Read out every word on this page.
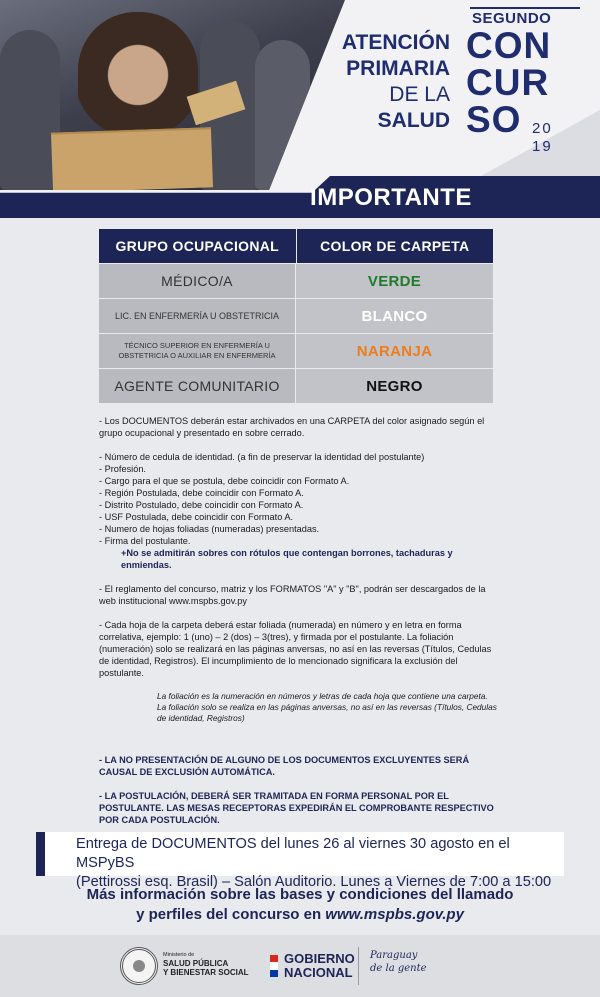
ATENCIÓN
PRIMARIA
DE LA
SALUD
SEGUNDO
CON
CUR
SO 20
19
IMPORTANTE
GRUPO OCUPACIONAL	COLOR DE CARPETA
MÉDICO/A	VERDE
LIC. EN ENFERMERÍA U OBSTETRICIA	BLANCO
TÉCNICO SUPERIOR EN ENFERMERÍA U OBSTETRICIA O AUXILIAR EN ENFERMERÍA	NARANJA
AGENTE COMUNITARIO	NEGRO

- Los DOCUMENTOS deberán estar archivados en una CARPETA del color asignado según el grupo ocupacional y presentado en sobre cerrado.

- Número de cedula de identidad. (a fin de preservar la identidad del postulante)
- Profesión.
- Cargo para el que se postula, debe coincidir con Formato A.
- Región Postulada, debe coincidir con Formato A.
- Distrito Postulado, debe coincidir con Formato A.
- USF Postulada, debe coincidir con Formato A.
- Numero de hojas foliadas (numeradas) presentadas.
- Firma del postulante.

+No se admitirán sobres con rótulos que contengan borrones, tachaduras y enmiendas.

- El reglamento del concurso, matriz y los FORMATOS "A" y "B", podrán ser descargados de la web institucional www.mspbs.gov.py

- Cada hoja de la carpeta deberá estar foliada (numerada) en número y en letra en forma correlativa, ejemplo: 1 (uno) – 2 (dos) – 3(tres), y firmada por el postulante. La foliación (numeración) solo se realizará en las páginas anversas, no así en las reversas (Títulos, Cedulas de identidad, Registros). El incumplimiento de lo mencionado significara la exclusión del postulante.

La foliación es la numeración en números y letras de cada hoja que contiene una carpeta. La foliación solo se realiza en las páginas anversas, no así en las reversas (Títulos, Cedulas de identidad, Registros)

- LA NO PRESENTACIÓN DE ALGUNO DE LOS DOCUMENTOS EXCLUYENTES SERÁ CAUSAL DE EXCLUSIÓN AUTOMÁTICA.

- LA POSTULACIÓN, DEBERÁ SER TRAMITADA EN FORMA PERSONAL POR EL POSTULANTE. LAS MESAS RECEPTORAS EXPEDIRÁN EL COMPROBANTE RESPECTIVO POR CADA POSTULACIÓN.

Entrega de DOCUMENTOS del lunes 26 al viernes 30 agosto en el MSPyBS
(Pettirossi esq. Brasil) – Salón Auditorio. Lunes a Viernes de 7:00 a 15:00
Más información sobre las bases y condiciones del llamado
y perfiles del concurso en www.mspbs.gov.py
Ministerio de
SALUD PÚBLICA
Y BIENESTAR SOCIAL
GOBIERNO
NACIONAL
Paraguay
de la gente
